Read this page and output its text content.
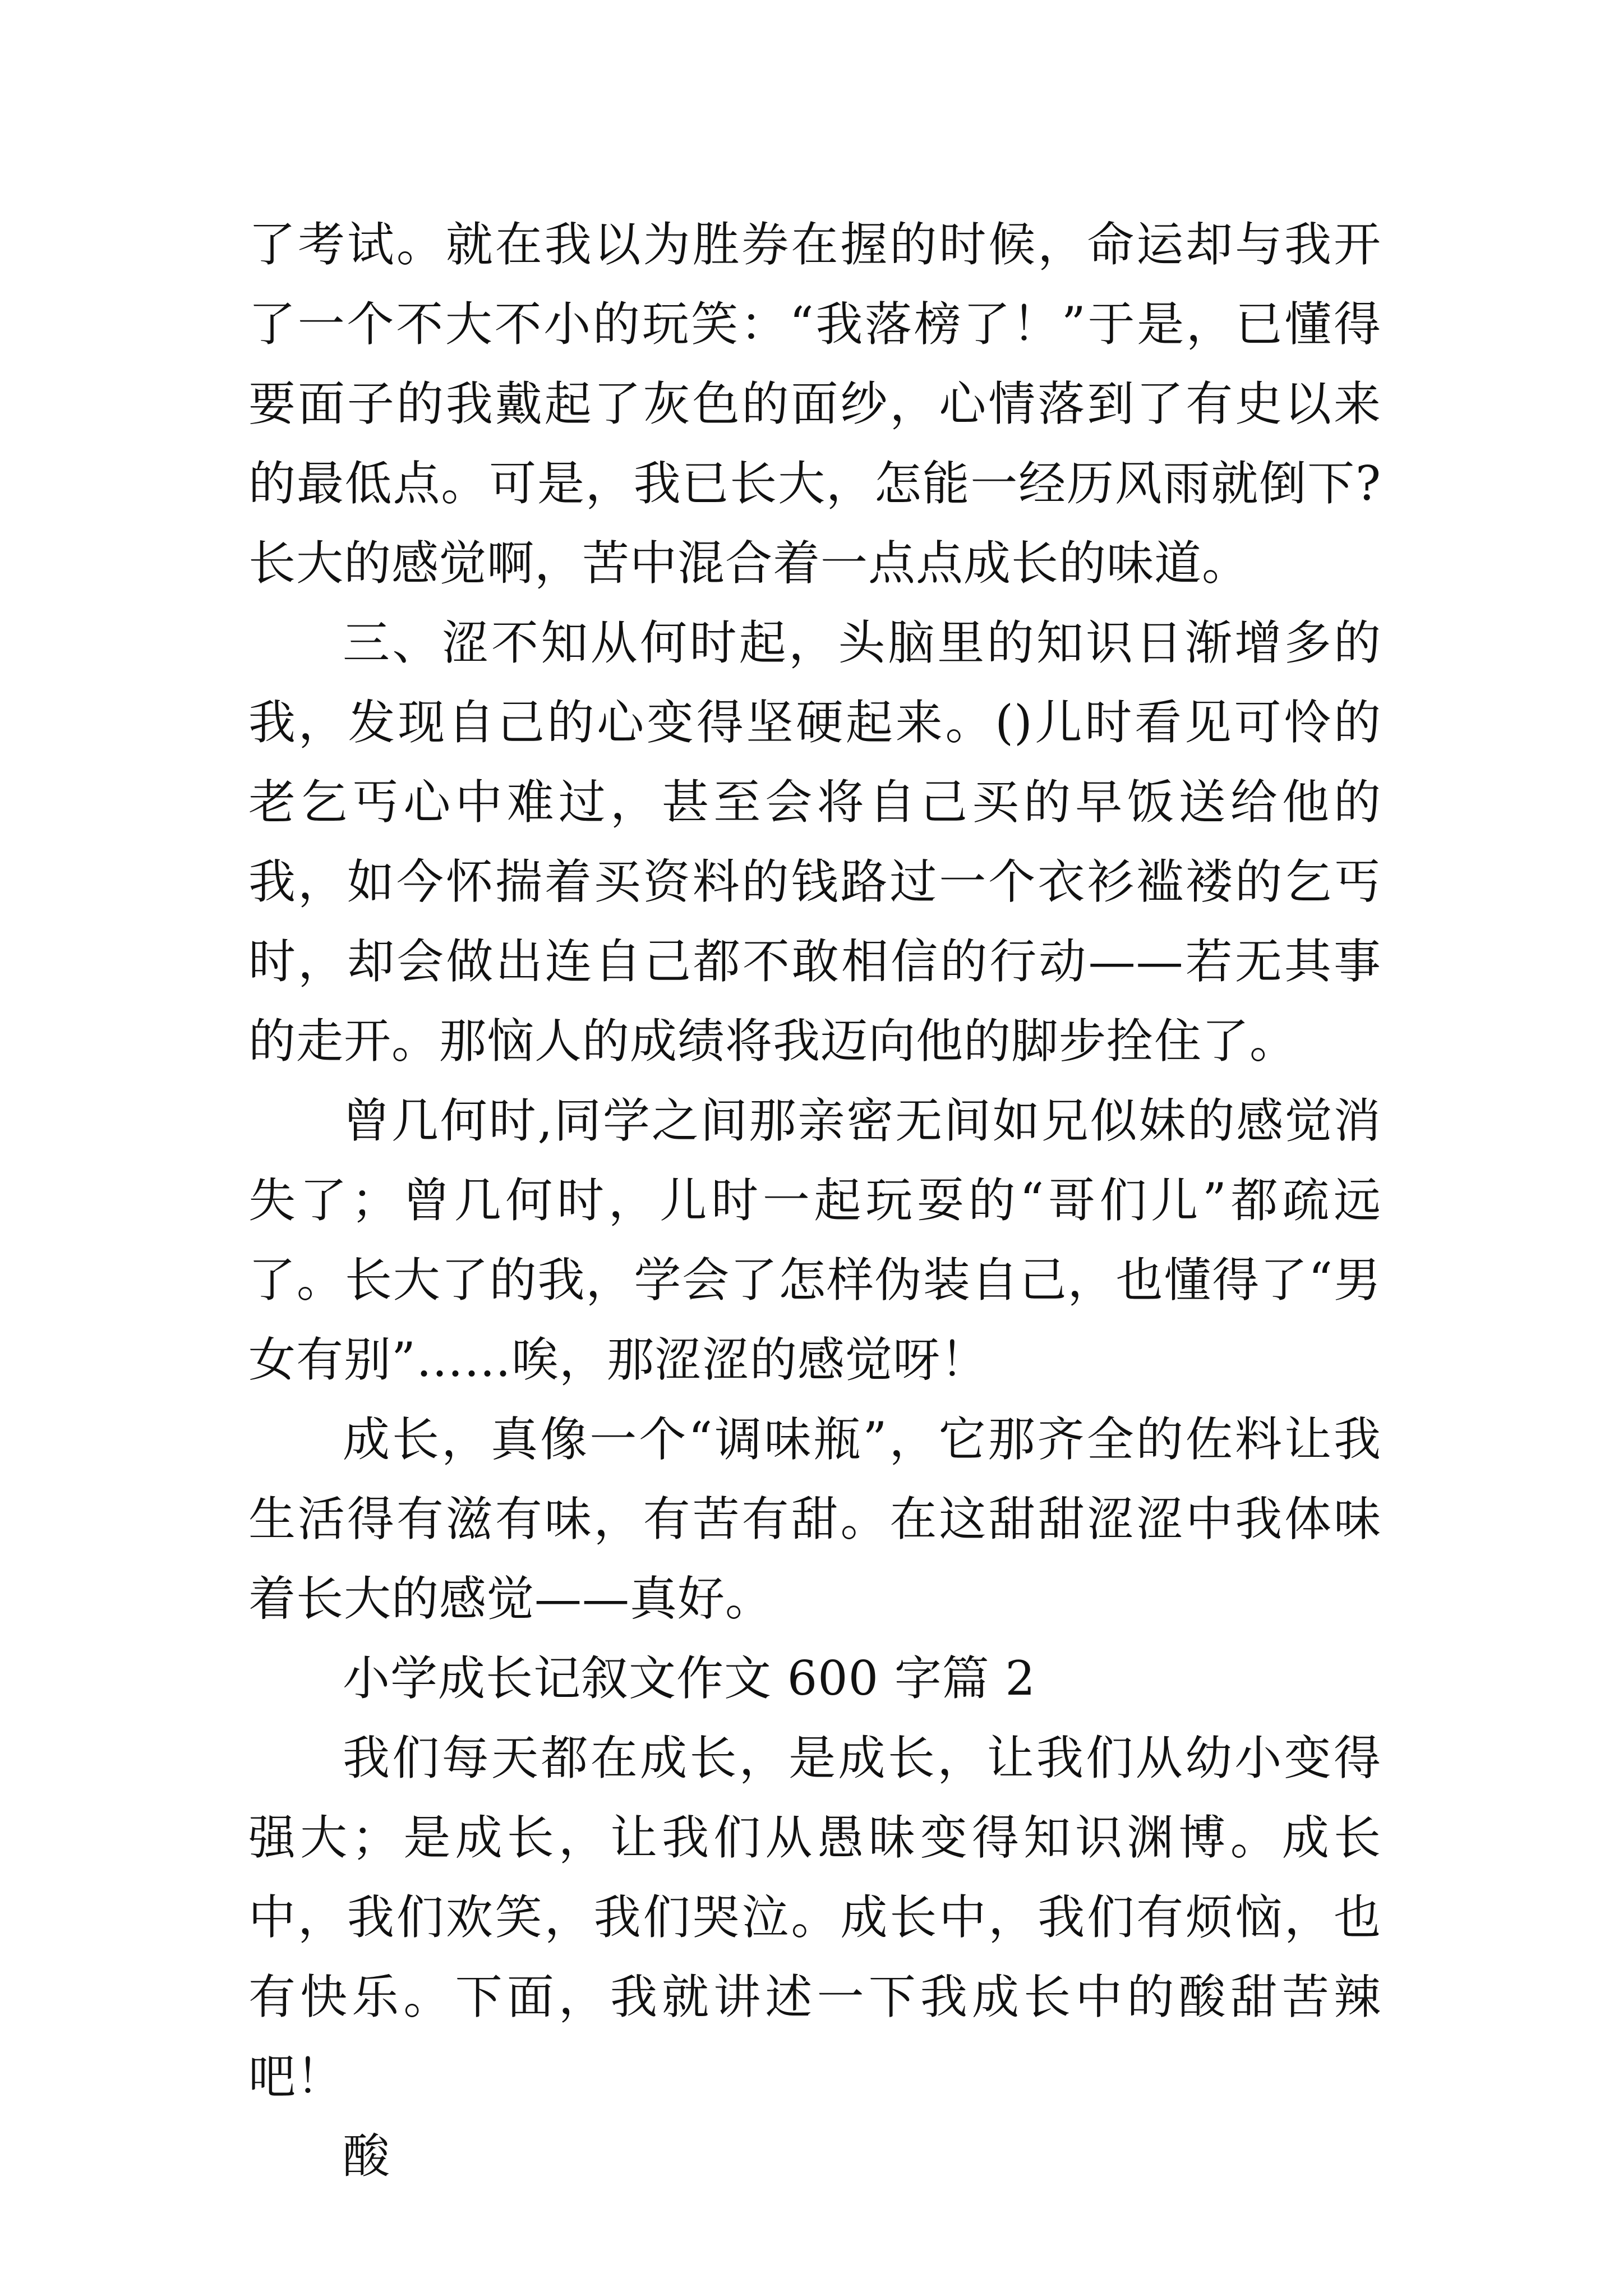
了考试。就在我以为胜券在握的时候，命运却与我开了一个不大不小的玩笑：“我落榜了！”于是，已懂得要面子的我戴起了灰色的面纱，心情落到了有史以来的最低点。可是，我已长大，怎能一经历风雨就倒下?长大的感觉啊，苦中混合着一点点成长的味道。

三、涩不知从何时起，头脑里的知识日渐增多的我，发现自己的心变得坚硬起来。()儿时看见可怜的老乞丐心中难过，甚至会将自己买的早饭送给他的我，如今怀揣着买资料的钱路过一个衣衫褴褛的乞丐时，却会做出连自己都不敢相信的行动——若无其事的走开。那恼人的成绩将我迈向他的脚步拴住了。

曾几何时,同学之间那亲密无间如兄似妹的感觉消失了；曾几何时，儿时一起玩耍的“哥们儿”都疏远了。长大了的我，学会了怎样伪装自己，也懂得了“男女有别”……唉，那涩涩的感觉呀！

成长，真像一个“调味瓶”，它那齐全的佐料让我生活得有滋有味，有苦有甜。在这甜甜涩涩中我体味着长大的感觉——真好。

小学成长记叙文作文 600 字篇 2

我们每天都在成长，是成长，让我们从幼小变得强大；是成长，让我们从愚昧变得知识渊博。成长中，我们欢笑，我们哭泣。成长中，我们有烦恼，也有快乐。下面，我就讲述一下我成长中的酸甜苦辣吧！

酸
